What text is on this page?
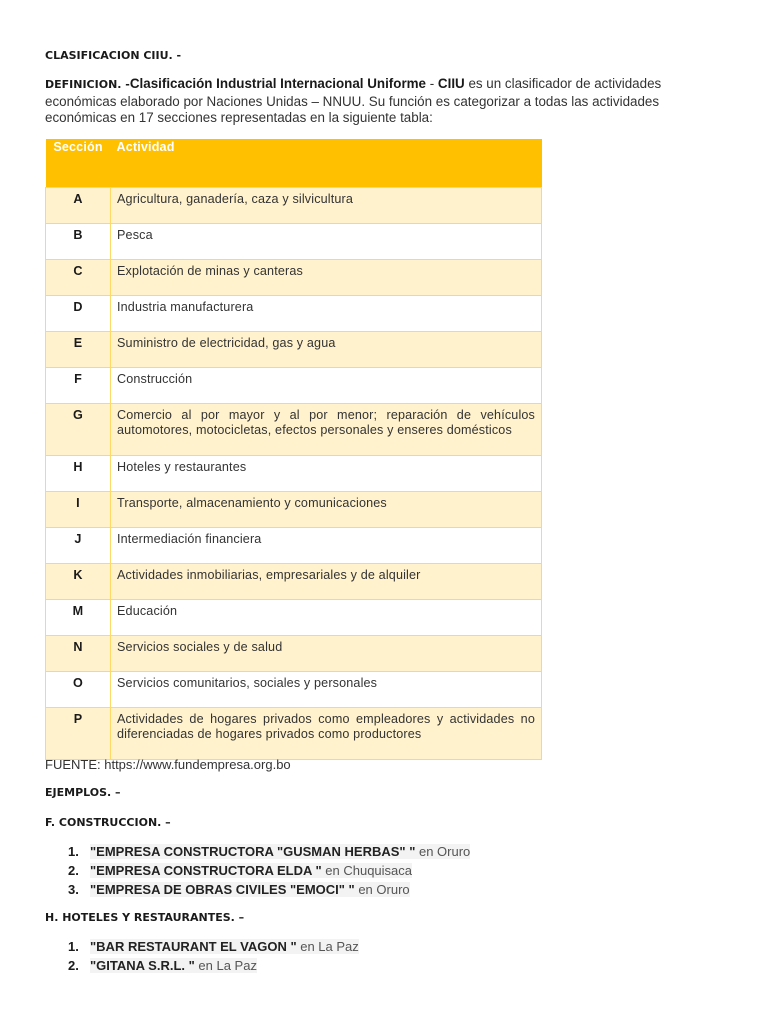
CLASIFICACION CIIU. -
DEFINICION. -Clasificación Industrial Internacional Uniforme - CIIU es un clasificador de actividades económicas elaborado por Naciones Unidas – NNUU. Su función es categorizar a todas las actividades económicas en 17 secciones representadas en la siguiente tabla:
Sección	Actividad
A	Agricultura, ganadería, caza y silvicultura
B	Pesca
C	Explotación de minas y canteras
D	Industria manufacturera
E	Suministro de electricidad, gas y agua
F	Construcción
G	Comercio al por mayor y al por menor; reparación de vehículos automotores, motocicletas, efectos personales y enseres domésticos
H	Hoteles y restaurantes
I	Transporte, almacenamiento y comunicaciones
J	Intermediación financiera
K	Actividades inmobiliarias, empresariales y de alquiler
M	Educación
N	Servicios sociales y de salud
O	Servicios comunitarios, sociales y personales
P	Actividades de hogares privados como empleadores y actividades no diferenciadas de hogares privados como productores
FUENTE: https://www.fundempresa.org.bo
EJEMPLOS. –
F. CONSTRUCCION. –
1. "EMPRESA CONSTRUCTORA "GUSMAN HERBAS" " en Oruro
2. "EMPRESA CONSTRUCTORA ELDA " en Chuquisaca
3. "EMPRESA DE OBRAS CIVILES "EMOCI" " en Oruro
H. HOTELES Y RESTAURANTES. –
1. "BAR RESTAURANT EL VAGON " en La Paz
2. "GITANA S.R.L. " en La Paz
